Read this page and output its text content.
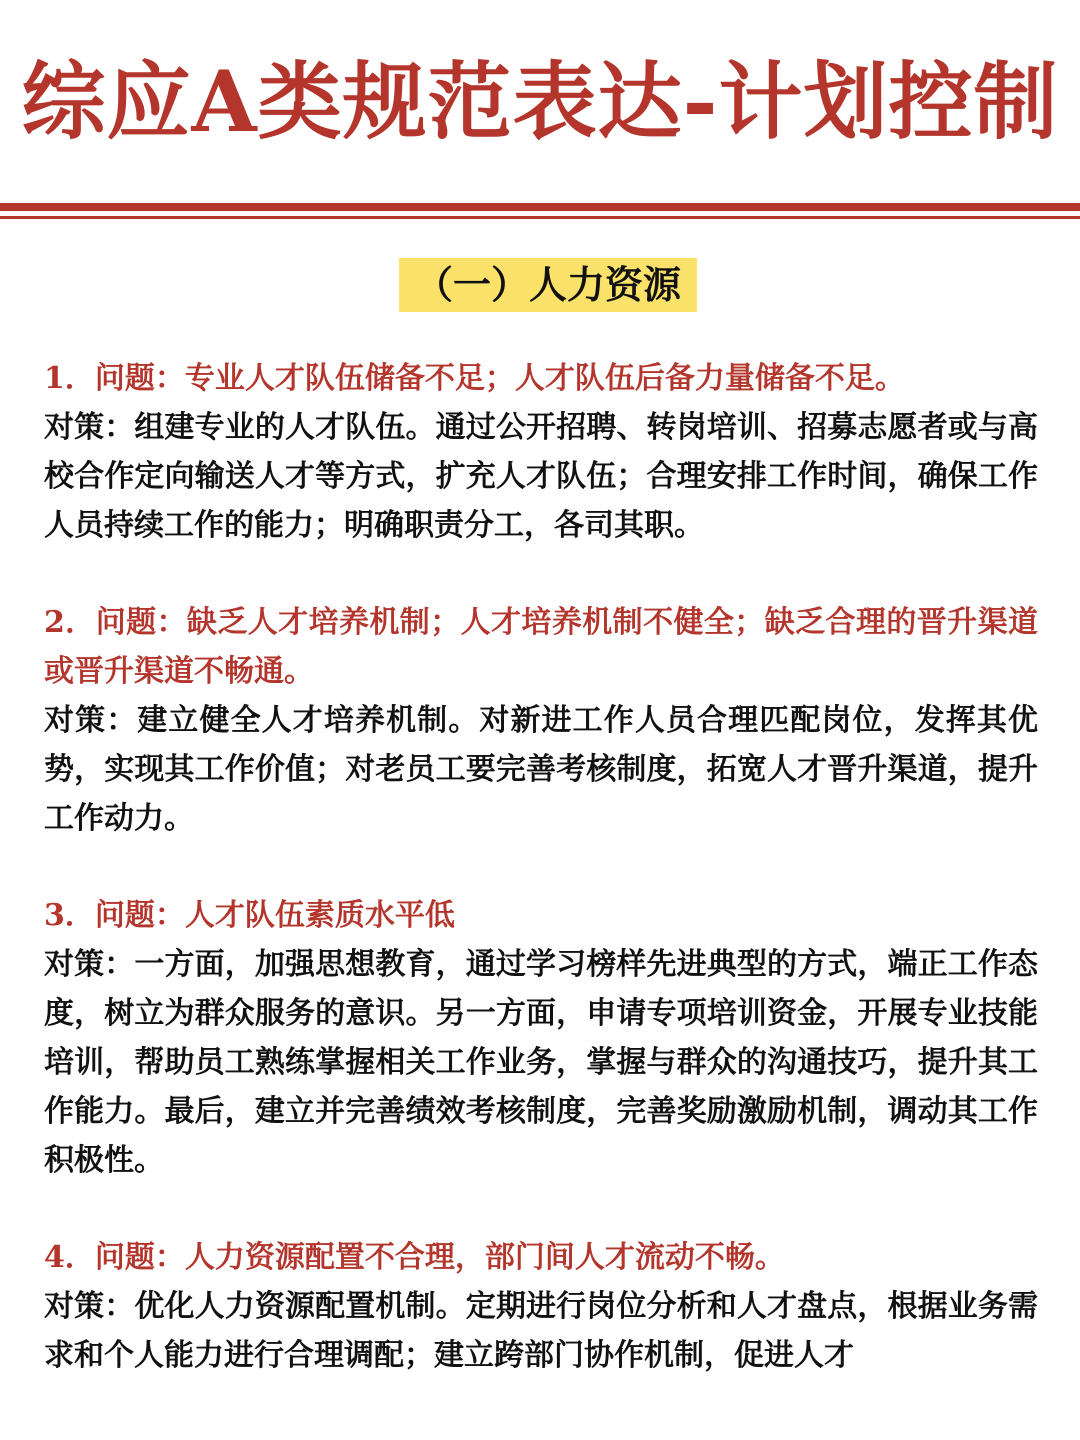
综应A类规范表达-计划控制
（一）人力资源
1．问题：专业人才队伍储备不足；人才队伍后备力量储备不足。
对策：组建专业的人才队伍。通过公开招聘、转岗培训、招募志愿者或与高校合作定向输送人才等方式，扩充人才队伍；合理安排工作时间，确保工作人员持续工作的能力；明确职责分工，各司其职。
2．问题：缺乏人才培养机制；人才培养机制不健全；缺乏合理的晋升渠道或晋升渠道不畅通。
对策：建立健全人才培养机制。对新进工作人员合理匹配岗位，发挥其优势，实现其工作价值；对老员工要完善考核制度，拓宽人才晋升渠道，提升工作动力。
3．问题：人才队伍素质水平低
对策：一方面，加强思想教育，通过学习榜样先进典型的方式，端正工作态度，树立为群众服务的意识。另一方面，申请专项培训资金，开展专业技能培训，帮助员工熟练掌握相关工作业务，掌握与群众的沟通技巧，提升其工作能力。最后，建立并完善绩效考核制度，完善奖励激励机制，调动其工作积极性。
4．问题：人力资源配置不合理，部门间人才流动不畅。
对策：优化人力资源配置机制。定期进行岗位分析和人才盘点，根据业务需求和个人能力进行合理调配；建立跨部门协作机制，促进人才
